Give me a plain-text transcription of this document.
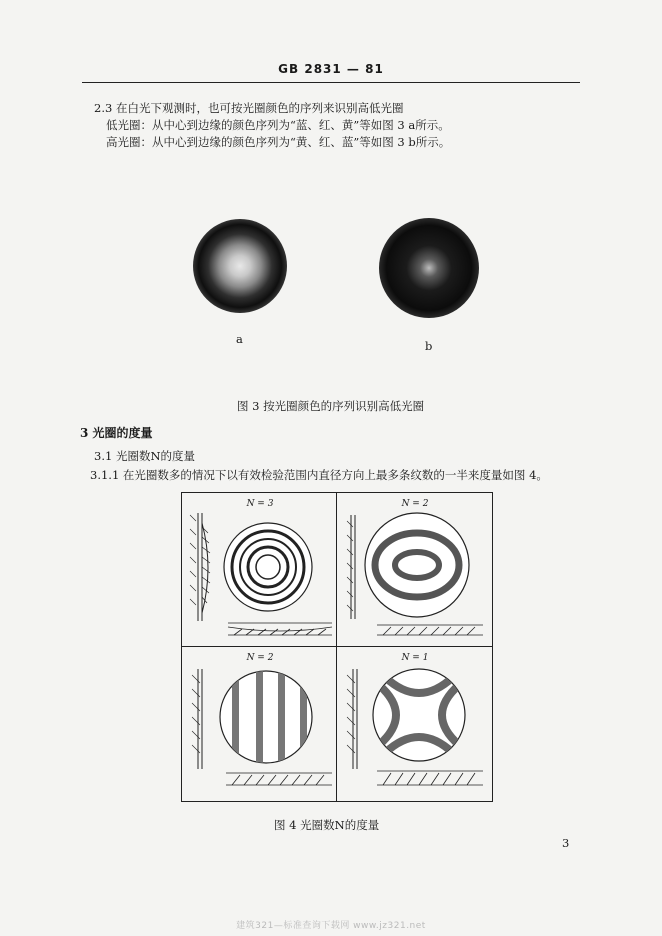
GB 2831 — 81
2.3 在白光下观测时，也可按光圈颜色的序列来识别高低光圈
低光圈：从中心到边缘的颜色序列为“蓝、红、黄”等如图 3 a所示。
高光圈：从中心到边缘的颜色序列为“黄、红、蓝”等如图 3 b所示。
a	b
图 3 按光圈颜色的序列识别高低光圈
3 光圈的度量
3.1 光圈数N的度量
3.1.1 在光圈数多的情况下以有效检验范围内直径方向上最多条纹数的一半来度量如图 4。
N = 3	N = 2
N = 2	N = 1
图 4 光圈数N的度量
3
建筑321—标准查询下载网 www.jz321.net
